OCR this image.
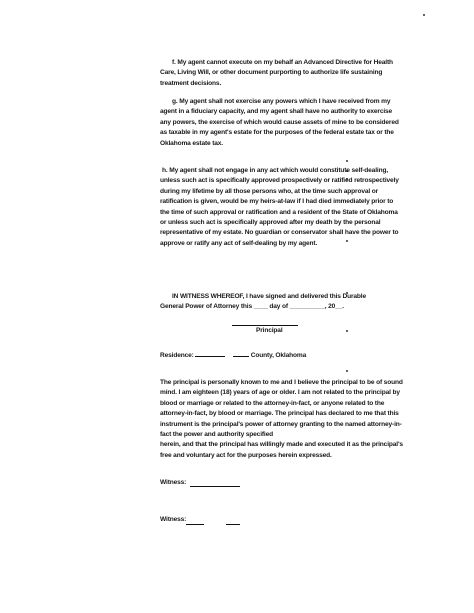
f. My agent cannot execute on my behalf an Advanced Directive for Health
Care, Living Will, or other document purporting to authorize life sustaining
treatment decisions.
g. My agent shall not exercise any powers which I have received from my
agent in a fiduciary capacity, and my agent shall have no authority to exercise
any powers, the exercise of which would cause assets of mine to be considered
as taxable in my agent's estate for the purposes of the federal estate tax or the
Oklahoma estate tax.
h. My agent shall not engage in any act which would constitute self-dealing,
unless such act is specifically approved prospectively or ratified retrospectively
during my lifetime by all those persons who, at the time such approval or
ratification is given, would be my heirs-at-law if I had died immediately prior to
the time of such approval or ratification and a resident of the State of Oklahoma
or unless such act is specifically approved after my death by the personal
representative of my estate. No guardian or conservator shall have the power to
approve or ratify any act of self-dealing by my agent.
IN WITNESS WHEREOF, I have signed and delivered this Durable
General Power of Attorney this ____ day of __________, 20__.
Principal
Residence:	County, Oklahoma
The principal is personally known to me and I believe the principal to be of sound
mind. I am eighteen (18) years of age or older. I am not related to the principal by
blood or marriage or related to the attorney-in-fact, or anyone related to the
attorney-in-fact, by blood or marriage. The principal has declared to me that this
instrument is the principal's power of attorney granting to the named attorney-in-
fact the power and authority specified
herein, and that the principal has willingly made and executed it as the principal's
free and voluntary act for the purposes herein expressed.
Witness:
Witness:
